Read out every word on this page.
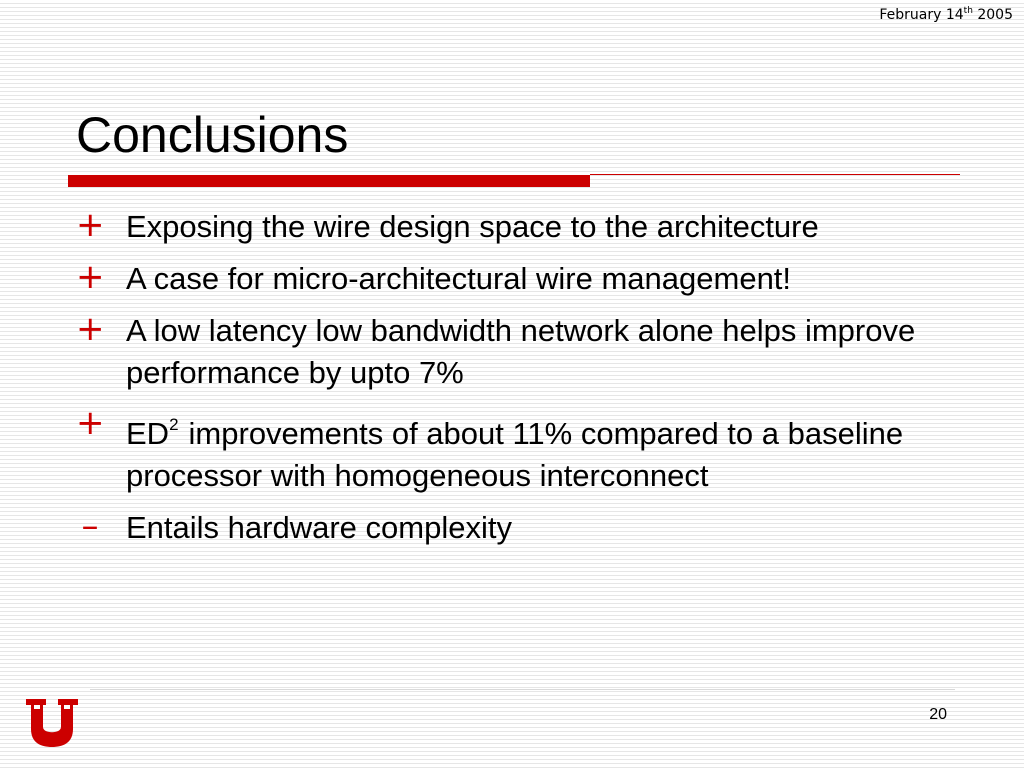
February 14th 2005
Conclusions
+ Exposing the wire design space to the architecture
+ A case for micro-architectural wire management!
+ A low latency low bandwidth network alone helps improve performance by upto 7%
+ $ED^2$ improvements of about 11% compared to a baseline processor with homogeneous interconnect
– Entails hardware complexity
20
